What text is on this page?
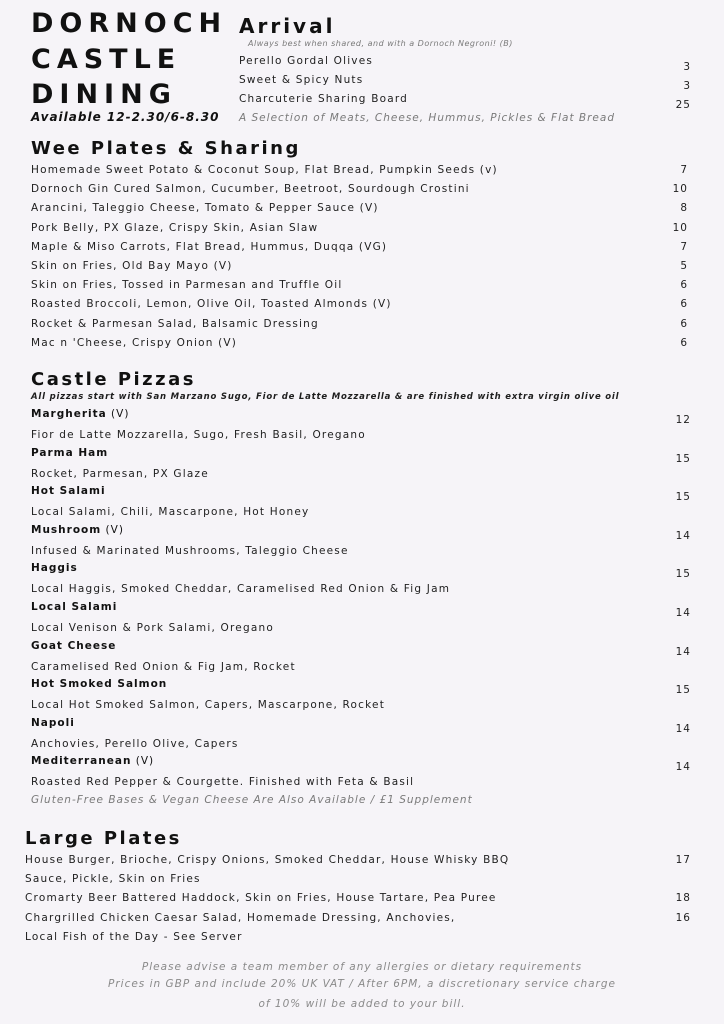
DORNOCH
CASTLE
DINING
Available 12-2.30/6-8.30
Arrival
Always best when shared, and with a Dornoch Negroni! (B)
Perello Gordal Olives	3
Sweet & Spicy Nuts	3
Charcuterie Sharing Board	25
A Selection of Meats, Cheese, Hummus, Pickles & Flat Bread
Wee Plates & Sharing
Homemade Sweet Potato & Coconut Soup, Flat Bread, Pumpkin Seeds (v)	7
Dornoch Gin Cured Salmon, Cucumber, Beetroot, Sourdough Crostini	10
Arancini, Taleggio Cheese, Tomato & Pepper Sauce (V)	8
Pork Belly, PX Glaze, Crispy Skin, Asian Slaw	10
Maple & Miso Carrots, Flat Bread, Hummus, Duqqa (VG)	7
Skin on Fries, Old Bay Mayo (V)	5
Skin on Fries, Tossed in Parmesan and Truffle Oil	6
Roasted Broccoli, Lemon, Olive Oil, Toasted Almonds (V)	6
Rocket & Parmesan Salad, Balsamic Dressing	6
Mac n 'Cheese, Crispy Onion (V)	6
Castle Pizzas
All pizzas start with San Marzano Sugo, Fior de Latte Mozzarella & are finished with extra virgin olive oil
Margherita (V)	12
Fior de Latte Mozzarella, Sugo, Fresh Basil, Oregano
Parma Ham	15
Rocket, Parmesan, PX Glaze
Hot Salami	15
Local Salami, Chili, Mascarpone, Hot Honey
Mushroom (V)	14
Infused & Marinated Mushrooms, Taleggio Cheese
Haggis	15
Local Haggis, Smoked Cheddar, Caramelised Red Onion & Fig Jam
Local Salami	14
Local Venison & Pork Salami, Oregano
Goat Cheese	14
Caramelised Red Onion & Fig Jam, Rocket
Hot Smoked Salmon	15
Local Hot Smoked Salmon, Capers, Mascarpone, Rocket
Napoli	14
Anchovies, Perello Olive, Capers
Mediterranean (V)	14
Roasted Red Pepper & Courgette. Finished with Feta & Basil
Gluten-Free Bases & Vegan Cheese Are Also Available / £1 Supplement
Large Plates
House Burger, Brioche, Crispy Onions, Smoked Cheddar, House Whisky BBQ	17
Sauce, Pickle, Skin on Fries
Cromarty Beer Battered Haddock, Skin on Fries, House Tartare, Pea Puree	18
Chargrilled Chicken Caesar Salad, Homemade Dressing, Anchovies,	16
Local Fish of the Day - See Server
Please advise a team member of any allergies or dietary requirements
Prices in GBP and include 20% UK VAT / After 6PM, a discretionary service charge
of 10% will be added to your bill.
